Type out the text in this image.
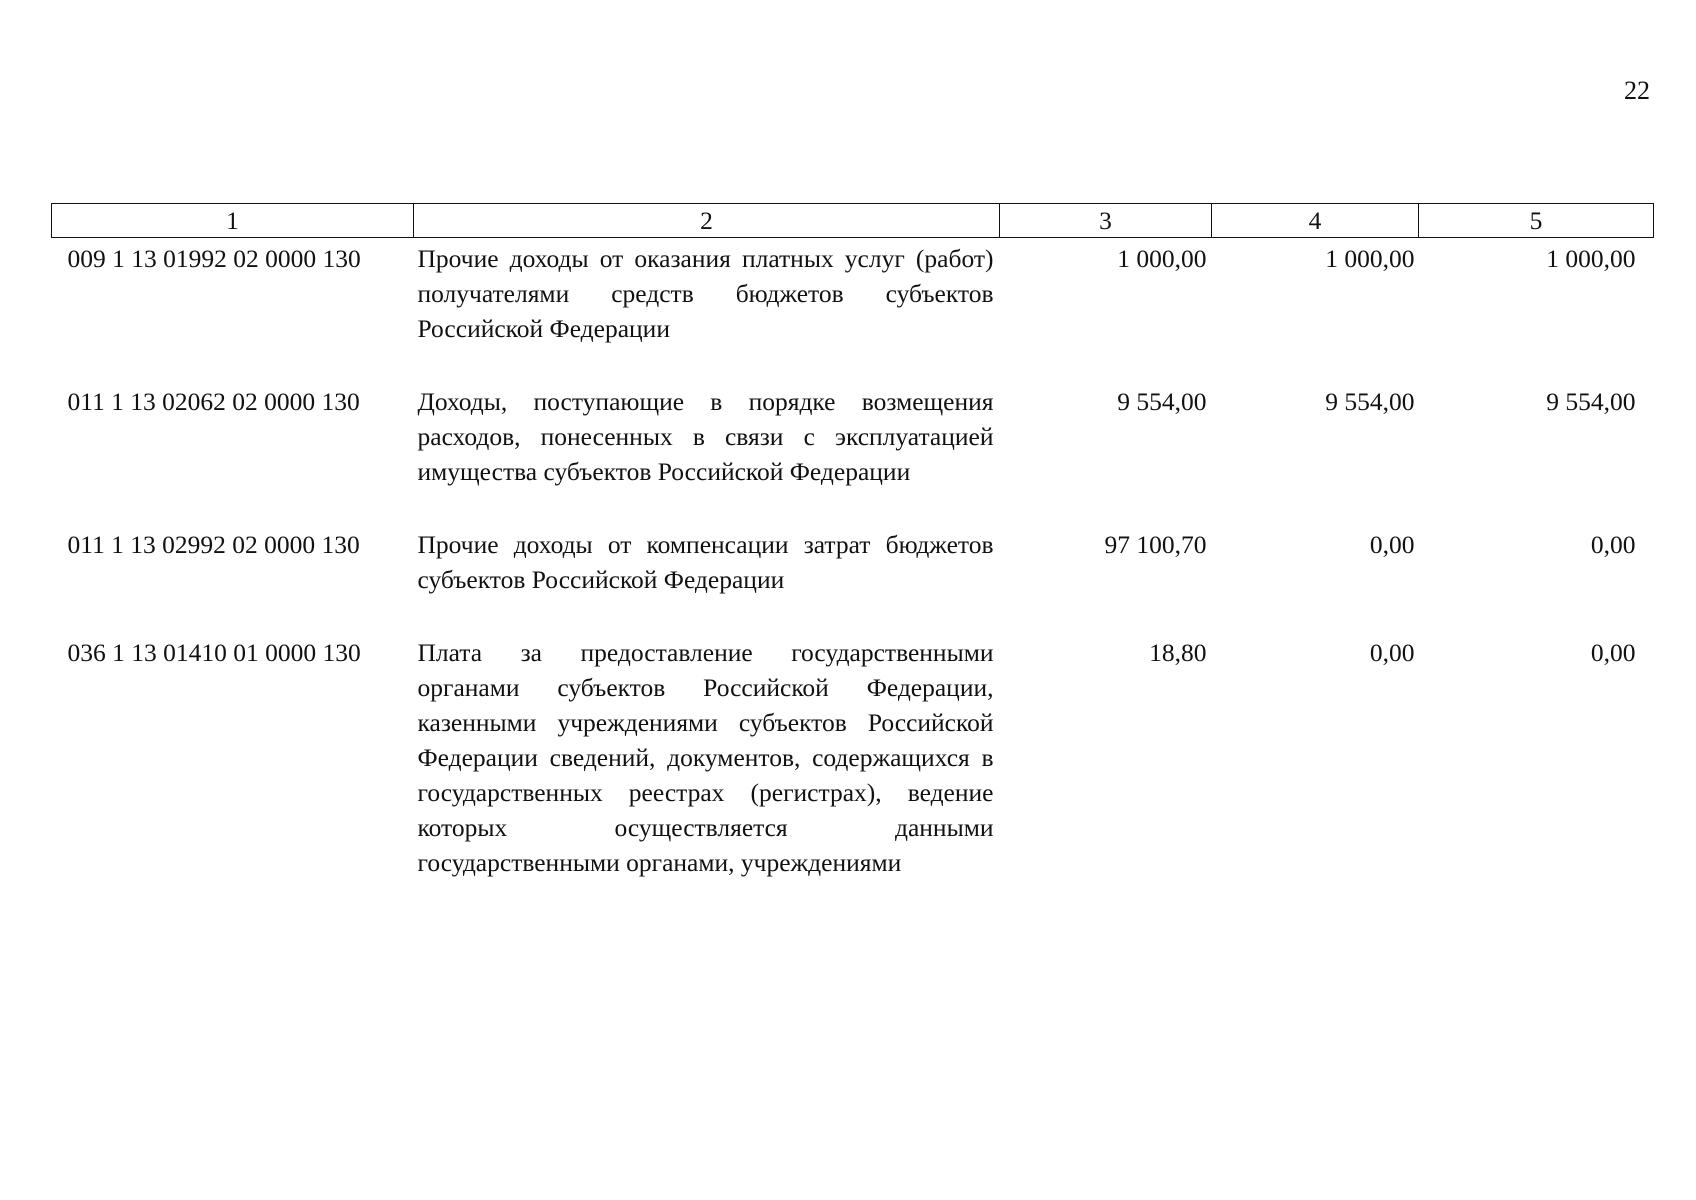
22
1	2	3	4	5
009 1 13 01992 02 0000 130	Прочие доходы от оказания платных услуг (работ) получателями средств бюджетов субъектов Российской Федерации	1 000,00	1 000,00	1 000,00
011 1 13 02062 02 0000 130	Доходы, поступающие в порядке возмещения расходов, понесенных в связи с эксплуатацией имущества субъектов Российской Федерации	9 554,00	9 554,00	9 554,00
011 1 13 02992 02 0000 130	Прочие доходы от компенсации затрат бюджетов субъектов Российской Федерации	97 100,70	0,00	0,00
036 1 13 01410 01 0000 130	Плата за предоставление государственными органами субъектов Российской Федерации, казенными учреждениями субъектов Российской Федерации сведений, документов, содержащихся в государственных реестрах (регистрах), ведение которых осуществляется данными государственными органами, учреждениями	18,80	0,00	0,00
